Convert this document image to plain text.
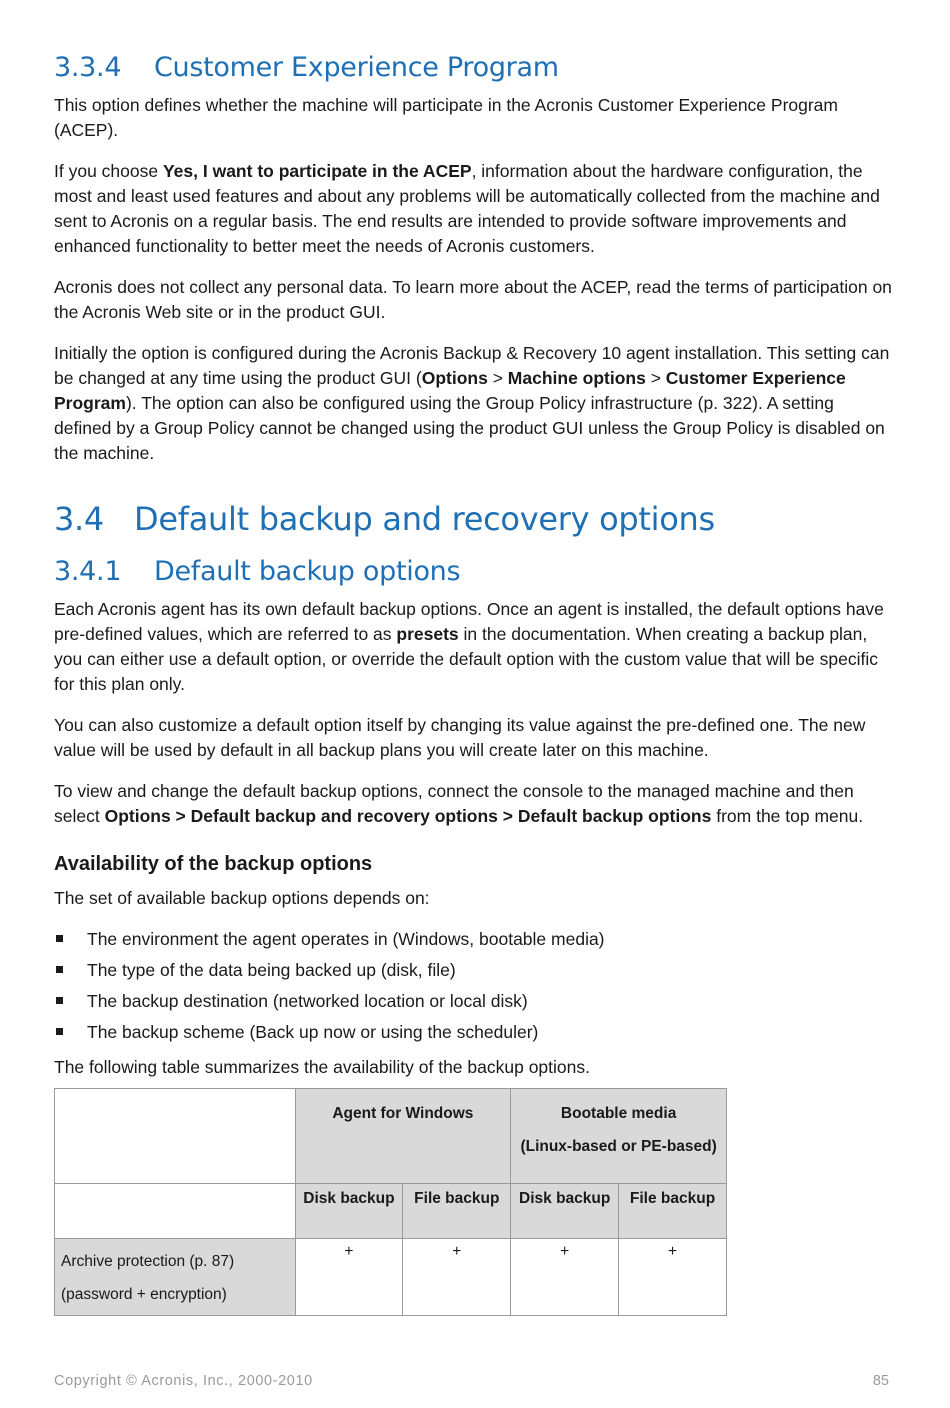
3.3.4 Customer Experience Program

This option defines whether the machine will participate in the Acronis Customer Experience Program (ACEP).

If you choose Yes, I want to participate in the ACEP, information about the hardware configuration, the most and least used features and about any problems will be automatically collected from the machine and sent to Acronis on a regular basis. The end results are intended to provide software improvements and enhanced functionality to better meet the needs of Acronis customers.

Acronis does not collect any personal data. To learn more about the ACEP, read the terms of participation on the Acronis Web site or in the product GUI.

Initially the option is configured during the Acronis Backup & Recovery 10 agent installation. This setting can be changed at any time using the product GUI (Options > Machine options > Customer Experience Program). The option can also be configured using the Group Policy infrastructure (p. 322). A setting defined by a Group Policy cannot be changed using the product GUI unless the Group Policy is disabled on the machine.

3.4 Default backup and recovery options
3.4.1 Default backup options

Each Acronis agent has its own default backup options. Once an agent is installed, the default options have pre-defined values, which are referred to as presets in the documentation. When creating a backup plan, you can either use a default option, or override the default option with the custom value that will be specific for this plan only.

You can also customize a default option itself by changing its value against the pre-defined one. The new value will be used by default in all backup plans you will create later on this machine.

To view and change the default backup options, connect the console to the managed machine and then select Options > Default backup and recovery options > Default backup options from the top menu.

Availability of the backup options

The set of available backup options depends on:

The environment the agent operates in (Windows, bootable media)
The type of the data being backed up (disk, file)
The backup destination (networked location or local disk)
The backup scheme (Back up now or using the scheduler)

The following table summarizes the availability of the backup options.

	Agent for Windows		Bootable media
(Linux-based or PE-based)	

	Disk backup	File backup	Disk backup	File backup

Archive protection (p. 87)
(password + encryption)	+	+	+	+
Copyright © Acronis, Inc., 2000-2010	85
